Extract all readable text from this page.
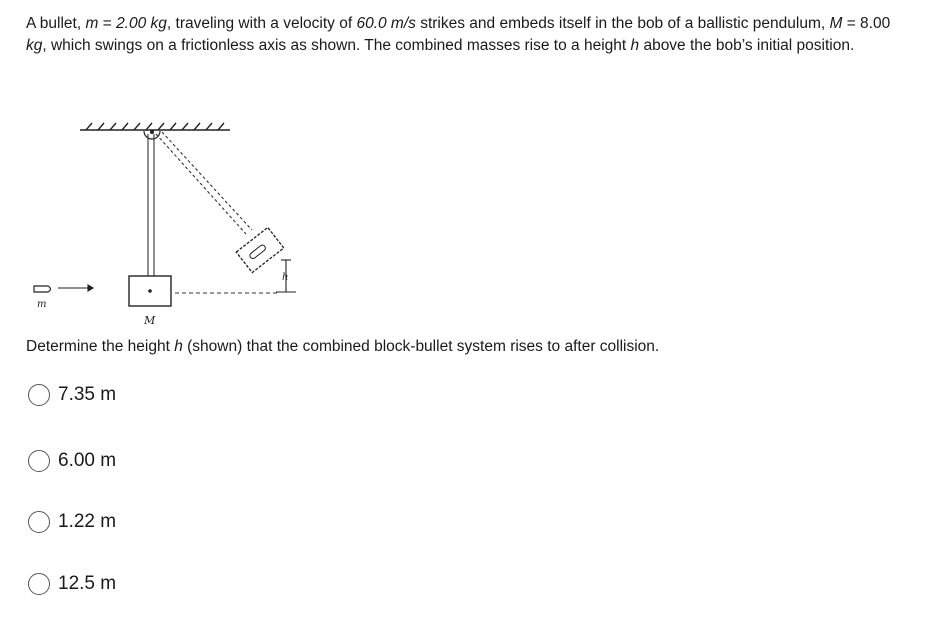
A bullet, m = 2.00 kg, traveling with a velocity of 60.0 m/s strikes and embeds itself in the bob of a ballistic pendulum, M = 8.00 kg, which swings on a frictionless axis as shown. The combined masses rise to a height h above the bob’s initial position.
h
m
M
Determine the height h (shown) that the combined block-bullet system rises to after collision.
7.35 m
6.00 m
1.22 m
12.5 m
